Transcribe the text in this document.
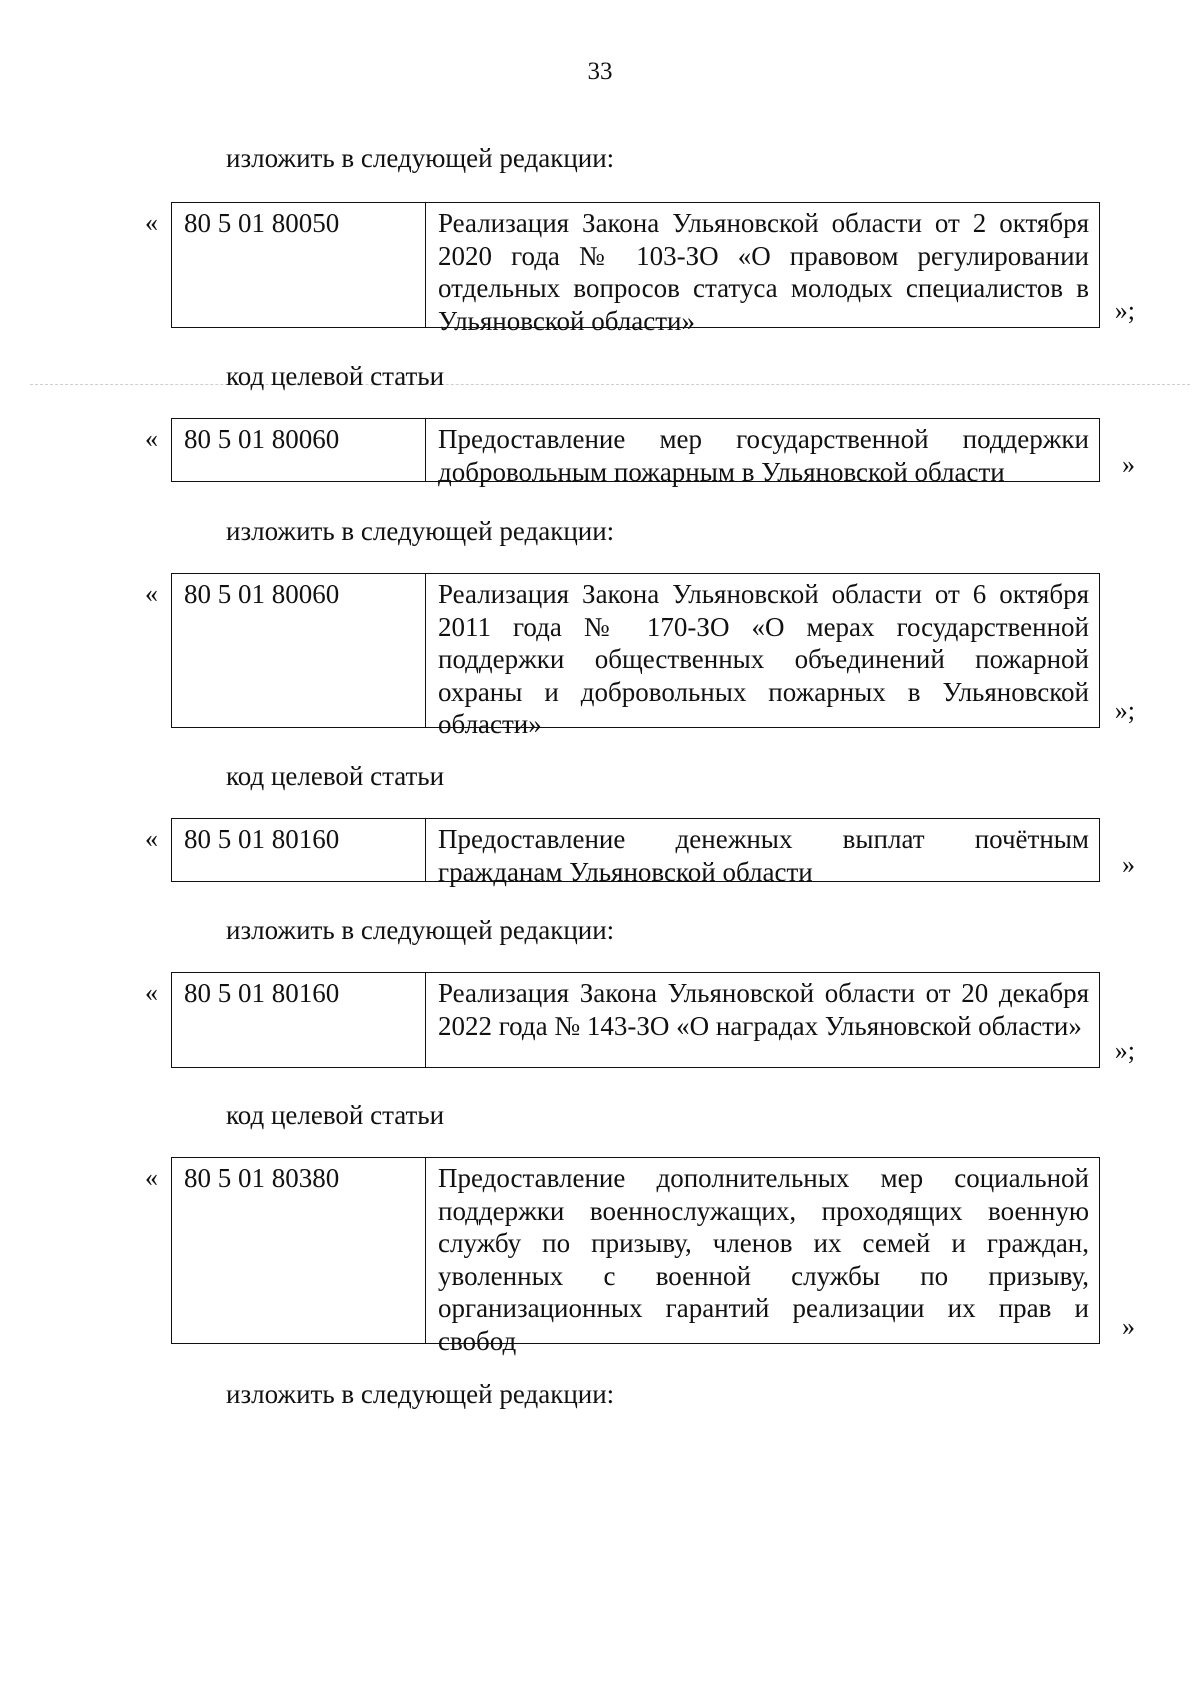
33
изложить в следующей редакции:
« 80 5 01 80050	Реализация Закона Ульяновской области от 2 октября 2020 года № 103-ЗО «О правовом регулировании отдельных вопросов статуса молодых специалистов в Ульяновской области»	»;
код целевой статьи
« 80 5 01 80060	Предоставление мер государственной поддержки добровольным пожарным в Ульяновской области	»
изложить в следующей редакции:
« 80 5 01 80060	Реализация Закона Ульяновской области от 6 октября 2011 года № 170-ЗО «О мерах государственной поддержки общественных объединений пожарной охраны и добровольных пожарных в Ульяновской области»	»;
код целевой статьи
« 80 5 01 80160	Предоставление денежных выплат почётным гражданам Ульяновской области	»
изложить в следующей редакции:
« 80 5 01 80160	Реализация Закона Ульяновской области от 20 декабря 2022 года № 143-ЗО «О наградах Ульяновской области»
»;
код целевой статьи
« 80 5 01 80380	Предоставление дополнительных мер социальной поддержки военнослужащих, проходящих военную службу по призыву, членов их семей и граждан, уволенных с военной службы по призыву, организационных гарантий реализации их прав и свобод	»
изложить в следующей редакции:
